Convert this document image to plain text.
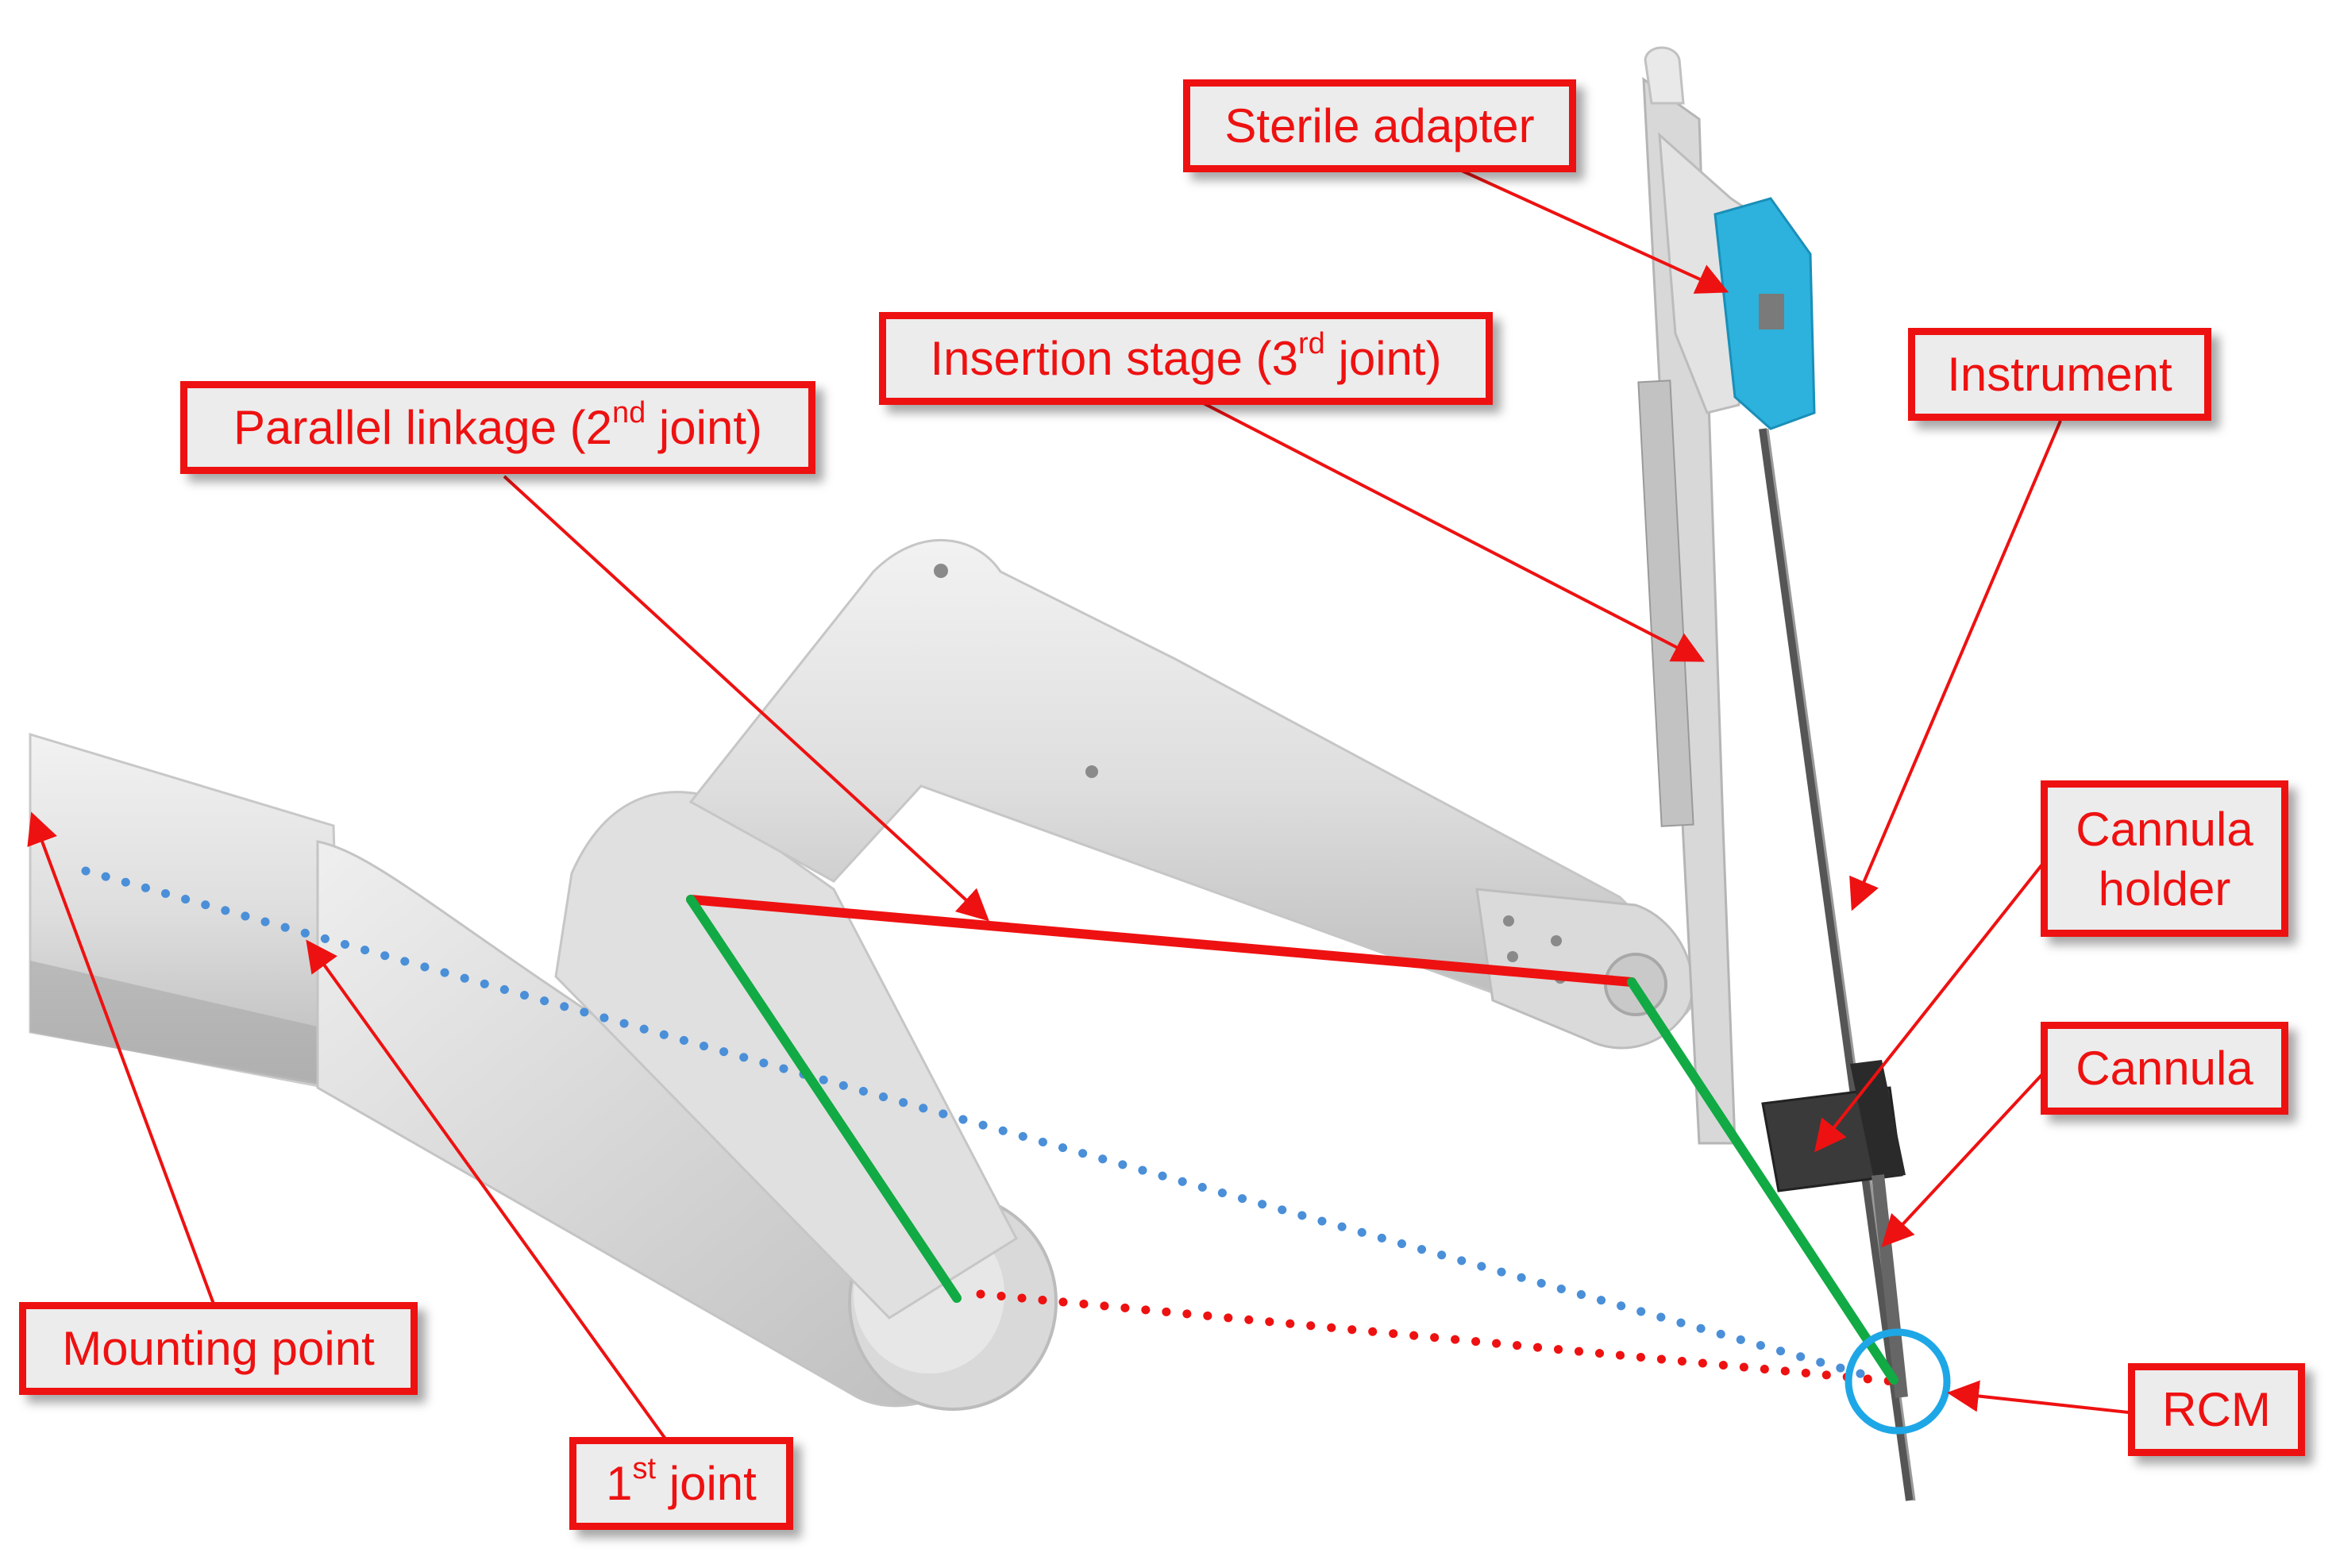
Sterile adapter
Insertion stage (3rd joint)	Instrument
Parallel linkage (2nd joint)
Cannula
holder
Cannula
Mounting point
1st joint
RCM
